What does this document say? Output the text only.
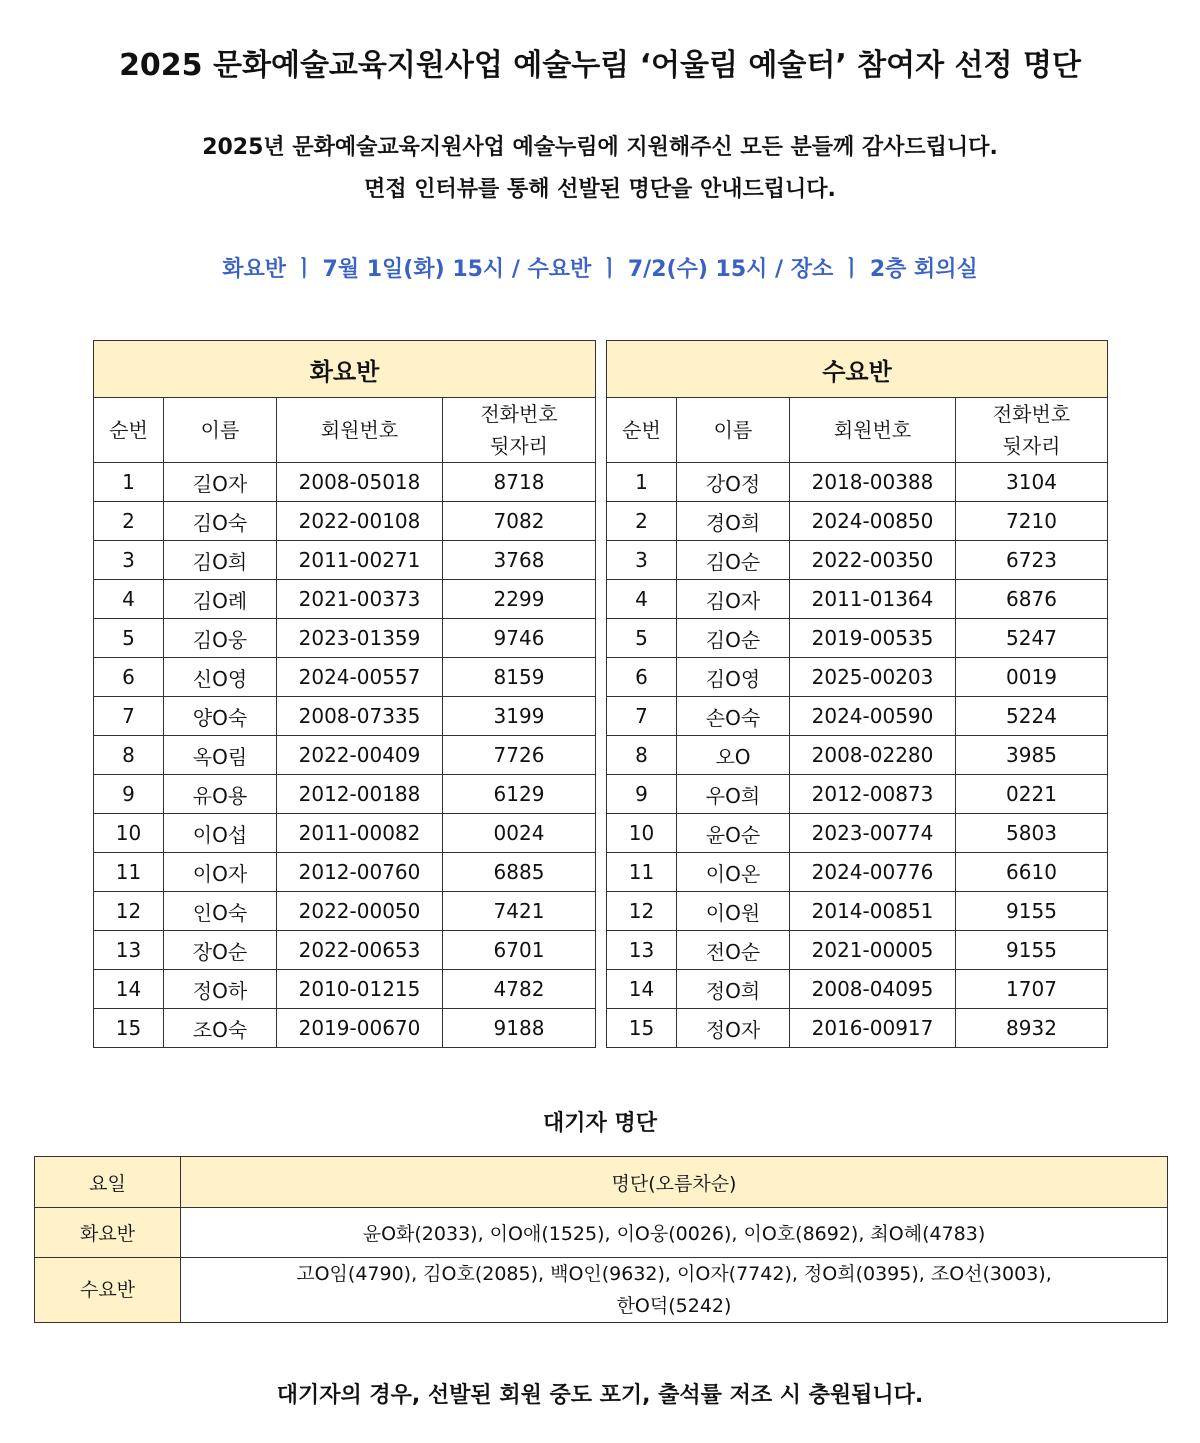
2025 문화예술교육지원사업 예술누림 ‘어울림 예술터’ 참여자 선정 명단
2025년 문화예술교육지원사업 예술누림에 지원해주신 모든 분들께 감사드립니다.
면접 인터뷰를 통해 선발된 명단을 안내드립니다.
화요반 ㅣ 7월 1일(화) 15시 / 수요반 ㅣ 7/2(수) 15시 / 장소 ㅣ 2층 회의실
화요반			
순번	이름	회원번호	전화번호
뒷자리
1	길O자	2008-05018	8718
2	김O숙	2022-00108	7082
3	김O희	2011-00271	3768
4	김O례	2021-00373	2299
5	김O웅	2023-01359	9746
6	신O영	2024-00557	8159
7	양O숙	2008-07335	3199
8	옥O림	2022-00409	7726
9	유O용	2012-00188	6129
10	이O섭	2011-00082	0024
11	이O자	2012-00760	6885
12	인O숙	2022-00050	7421
13	장O순	2022-00653	6701
14	정O하	2010-01215	4782
15	조O숙	2019-00670	9188
수요반			
순번	이름	회원번호	전화번호
뒷자리
1	강O정	2018-00388	3104
2	경O희	2024-00850	7210
3	김O순	2022-00350	6723
4	김O자	2011-01364	6876
5	김O순	2019-00535	5247
6	김O영	2025-00203	0019
7	손O숙	2024-00590	5224
8	오O	2008-02280	3985
9	우O희	2012-00873	0221
10	윤O순	2023-00774	5803
11	이O온	2024-00776	6610
12	이O원	2014-00851	9155
13	전O순	2021-00005	9155
14	정O희	2008-04095	1707
15	정O자	2016-00917	8932
대기자 명단
요일	명단(오름차순)
화요반	윤O화(2033), 이O애(1525), 이O웅(0026), 이O호(8692), 최O혜(4783)
수요반	고O임(4790), 김O호(2085), 백O인(9632), 이O자(7742), 정O희(0395), 조O선(3003),
한O덕(5242)
대기자의 경우, 선발된 회원 중도 포기, 출석률 저조 시 충원됩니다.
